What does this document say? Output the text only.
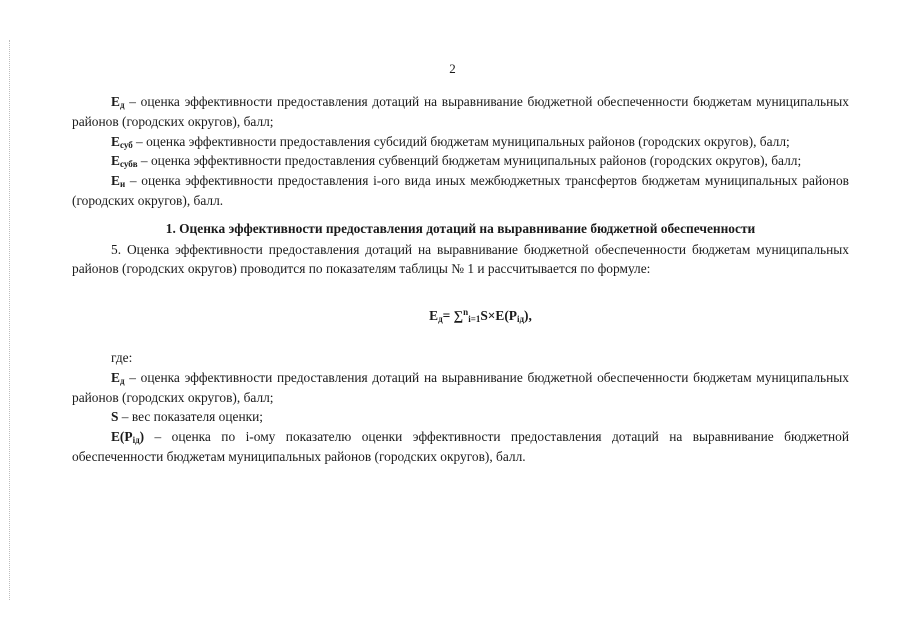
2

$E_д$ – оценка эффективности предоставления дотаций на выравнивание бюджетной обеспеченности бюджетам муниципальных районов (городских округов), балл;

$E_{суб}$ – оценка эффективности предоставления субсидий бюджетам муниципальных районов (городских округов), балл;

$E_{субв}$ – оценка эффективности предоставления субвенций бюджетам муниципальных районов (городских округов), балл;

$E_и$ – оценка эффективности предоставления i-ого вида иных межбюджетных трансфертов бюджетам муниципальных районов (городских округов), балл.

1. Оценка эффективности предоставления дотаций на выравнивание бюджетной обеспеченности

5. Оценка эффективности предоставления дотаций на выравнивание бюджетной обеспеченности бюджетам муниципальных районов (городских округов) проводится по показателям таблицы № 1 и рассчитывается по формуле:

$E_д= \sum^n_{i=1}S\times E(P_{iд})$,

где:

$E_д$ – оценка эффективности предоставления дотаций на выравнивание бюджетной обеспеченности бюджетам муниципальных районов (городских округов), балл;

S – вес показателя оценки;

$E(P_{iд})$ – оценка по i-ому показателю оценки эффективности предоставления дотаций на выравнивание бюджетной обеспеченности бюджетам муниципальных районов (городских округов), балл.
